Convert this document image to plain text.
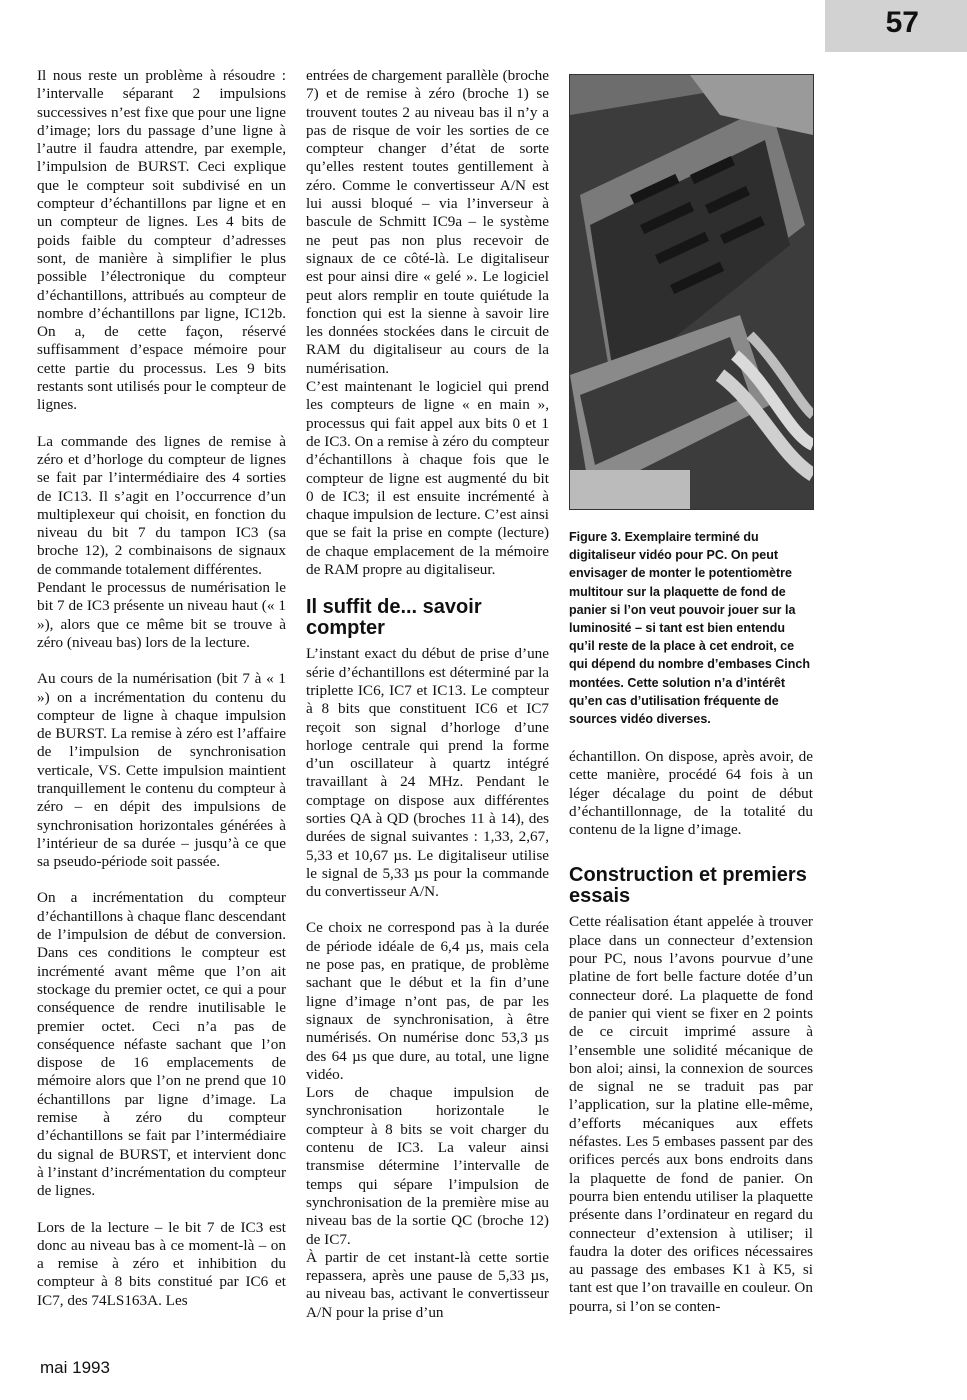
57

Il nous reste un problème à résoudre : l’intervalle séparant 2 impulsions successives n’est fixe que pour une ligne d’image; lors du passage d’une ligne à l’autre il faudra attendre, par exemple, l’impulsion de BURST. Ceci explique que le compteur soit subdivisé en un compteur d’échantillons par ligne et en un compteur de lignes. Les 4 bits de poids faible du compteur d’adresses sont, de manière à simplifier le plus possible l’électronique du compteur d’échantillons, attribués au compteur de nombre d’échantillons par ligne, IC12b. On a, de cette façon, réservé suffisamment d’espace mémoire pour cette partie du processus. Les 9 bits restants sont utilisés pour le compteur de lignes.

La commande des lignes de remise à zéro et d’horloge du compteur de lignes se fait par l’intermédiaire des 4 sorties de IC13. Il s’agit en l’occurrence d’un multiplexeur qui choisit, en fonction du niveau du bit 7 du tampon IC3 (sa broche 12), 2 combinaisons de signaux de commande totalement différentes.

Pendant le processus de numérisation le bit 7 de IC3 présente un niveau haut (« 1 »), alors que ce même bit se trouve à zéro (niveau bas) lors de la lecture.

Au cours de la numérisation (bit 7 à « 1 ») on a incrémentation du contenu du compteur de ligne à chaque impulsion de BURST. La remise à zéro est l’affaire de l’impulsion de synchronisation verticale, VS. Cette impulsion maintient tranquillement le contenu du compteur à zéro – en dépit des impulsions de synchronisation horizontales générées à l’intérieur de sa durée – jusqu’à ce que sa pseudo-période soit passée.

On a incrémentation du compteur d’échantillons à chaque flanc descendant de l’impulsion de début de conversion. Dans ces conditions le compteur est incrémenté avant même que l’on ait stockage du premier octet, ce qui a pour conséquence de rendre inutilisable le premier octet. Ceci n’a pas de conséquence néfaste sachant que l’on dispose de 16 emplacements de mémoire alors que l’on ne prend que 10 échantillons par ligne d’image. La remise à zéro du compteur d’échantillons se fait par l’intermédiaire du signal de BURST, et intervient donc à l’instant d’incrémentation du compteur de lignes.

Lors de la lecture – le bit 7 de IC3 est donc au niveau bas à ce moment-là – on a remise à zéro et inhibition du compteur à 8 bits constitué par IC6 et IC7, des 74LS163A. Les

entrées de chargement parallèle (broche 7) et de remise à zéro (broche 1) se trouvent toutes 2 au niveau bas il n’y a pas de risque de voir les sorties de ce compteur changer d’état de sorte qu’elles restent toutes gentillement à zéro. Comme le convertisseur A/N est lui aussi bloqué – via l’inverseur à bascule de Schmitt IC9a – le système ne peut pas non plus recevoir de signaux de ce côté-là. Le digitaliseur est pour ainsi dire « gelé ». Le logiciel peut alors remplir en toute quiétude la fonction qui est la sienne à savoir lire les données stockées dans le circuit de RAM du digitaliseur au cours de la numérisation.

C’est maintenant le logiciel qui prend les compteurs de ligne « en main », processus qui fait appel aux bits 0 et 1 de IC3. On a remise à zéro du compteur d’échantillons à chaque fois que le compteur de ligne est augmenté du bit 0 de IC3; il est ensuite incrémenté à chaque impulsion de lecture. C’est ainsi que se fait la prise en compte (lecture) de chaque emplacement de la mémoire de RAM propre au digitaliseur.

Il suffit de... savoir compter

L’instant exact du début de prise d’une série d’échantillons est déterminé par la triplette IC6, IC7 et IC13. Le compteur à 8 bits que constituent IC6 et IC7 reçoit son signal d’horloge d’une horloge centrale qui prend la forme d’un oscillateur à quartz intégré travaillant à 24 MHz. Pendant le comptage on dispose aux différentes sorties QA à QD (broches 11 à 14), des durées de signal suivantes : 1,33, 2,67, 5,33 et 10,67 µs. Le digitaliseur utilise le signal de 5,33 µs pour la commande du convertisseur A/N.

Ce choix ne correspond pas à la durée de période idéale de 6,4 µs, mais cela ne pose pas, en pratique, de problème sachant que le début et la fin d’une ligne d’image n’ont pas, de par les signaux de synchronisation, à être numérisés. On numérise donc 53,3 µs des 64 µs que dure, au total, une ligne vidéo.

Lors de chaque impulsion de synchronisation horizontale le compteur à 8 bits se voit charger du contenu de IC3. La valeur ainsi transmise détermine l’intervalle de temps qui sépare l’impulsion de synchronisation de la première mise au niveau bas de la sortie QC (broche 12) de IC7.

À partir de cet instant-là cette sortie repassera, après une pause de 5,33 µs, au niveau bas, activant le convertisseur A/N pour la prise d’un

Figure 3. Exemplaire terminé du digitaliseur vidéo pour PC. On peut envisager de monter le potentiomètre multitour sur la plaquette de fond de panier si l’on veut pouvoir jouer sur la luminosité – si tant est bien entendu qu’il reste de la place à cet endroit, ce qui dépend du nombre d’embases Cinch montées. Cette solution n’a d’intérêt qu’en cas d’utilisation fréquente de sources vidéo diverses.

échantillon. On dispose, après avoir, de cette manière, procédé 64 fois à un léger décalage du point de début d’échantillonnage, de la totalité du contenu de la ligne d’image.

Construction et premiers essais

Cette réalisation étant appelée à trouver place dans un connecteur d’extension pour PC, nous l’avons pourvue d’une platine de fort belle facture dotée d’un connecteur doré. La plaquette de fond de panier qui vient se fixer en 2 points de ce circuit imprimé assure à l’ensemble une solidité mécanique de bon aloi; ainsi, la connexion de sources de signal ne se traduit pas par l’application, sur la platine elle-même, d’efforts mécaniques aux effets néfastes. Les 5 embases passent par des orifices percés aux bons endroits dans la plaquette de fond de panier. On pourra bien entendu utiliser la plaquette présente dans l’ordinateur en regard du connecteur d’extension à utiliser; il faudra la doter des orifices nécessaires au passage des embases K1 à K5, si tant est que l’on travaille en couleur. On pourra, si l’on se conten-

mai 1993
